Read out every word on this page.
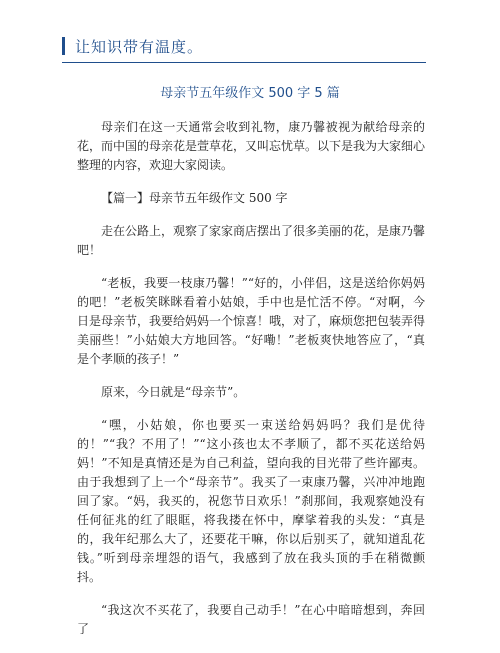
让知识带有温度。
母亲节五年级作文 500 字 5 篇

母亲们在这一天通常会收到礼物，康乃馨被视为献给母亲的花，而中国的母亲花是萱草花，又叫忘忧草。以下是我为大家细心整理的内容，欢迎大家阅读。

【篇一】母亲节五年级作文 500 字

走在公路上，观察了家家商店摆出了很多美丽的花，是康乃馨吧！

“老板，我要一枝康乃馨！”“好的，小伴侣，这是送给你妈妈的吧！”老板笑眯眯看着小姑娘，手中也是忙活不停。“对啊，今日是母亲节，我要给妈妈一个惊喜！哦，对了，麻烦您把包装弄得美丽些！”小姑娘大方地回答。“好嘞！”老板爽快地答应了，“真是个孝顺的孩子！”

原来，今日就是“母亲节”。

“嘿，小姑娘，你也要买一束送给妈妈吗？我们是优待的！”“我？不用了！”“这小孩也太不孝顺了，都不买花送给妈妈！”不知是真情还是为自己利益，望向我的目光带了些许鄙夷。由于我想到了上一个“母亲节”。我买了一束康乃馨，兴冲冲地跑回了家。“妈，我买的，祝您节日欢乐！”刹那间，我观察她没有任何征兆的红了眼眶，将我搂在怀中，摩挲着我的头发：“真是的，我年纪那么大了，还要花干嘛，你以后别买了，就知道乱花钱。”听到母亲埋怨的语气，我感到了放在我头顶的手在稍微颤抖。

“我这次不买花了，我要自己动手！”在心中暗暗想到，奔回了
